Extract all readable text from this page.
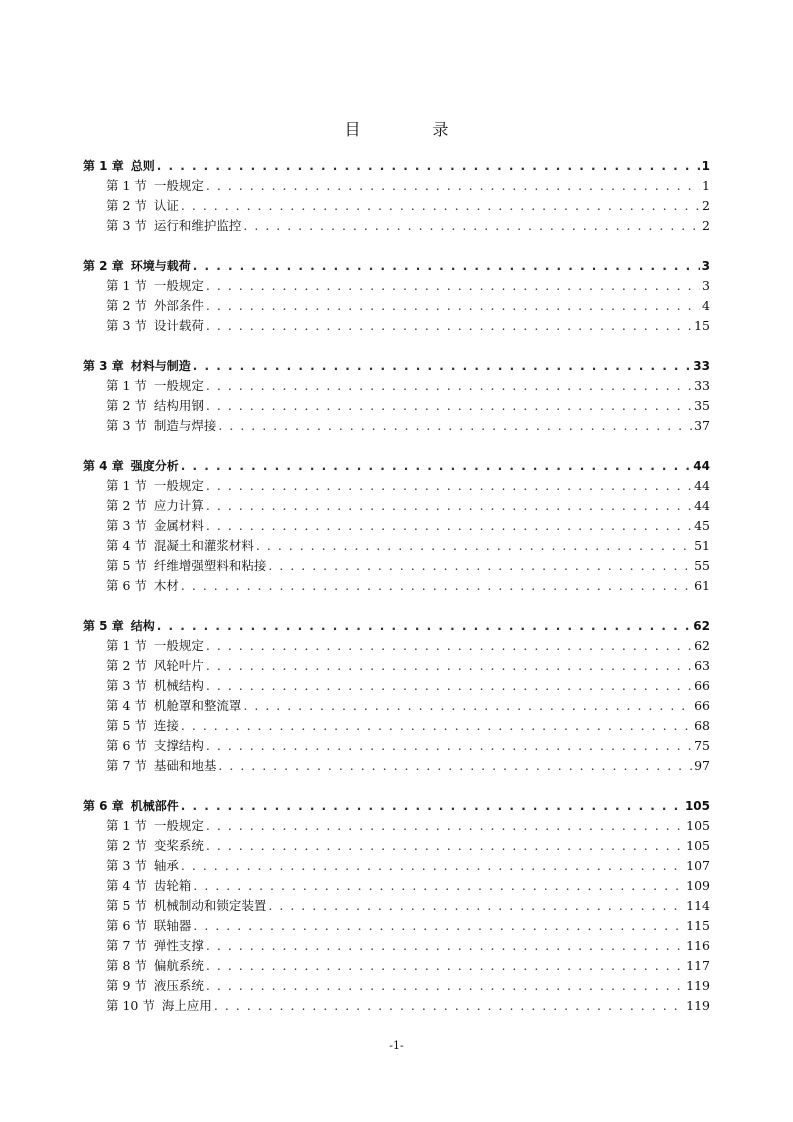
目　录
第 1 章 总则 . . .	1
第 1 节 一般规定 . . .	1
第 2 节 认证 . . .	2
第 3 节 运行和维护监控 . . .	2
第 2 章 环境与载荷 . . .	3
第 1 节 一般规定 . . .	3
第 2 节 外部条件 . . .	4
第 3 节 设计载荷 . . .	15
第 3 章 材料与制造 . . .	33
第 1 节 一般规定 . . .	33
第 2 节 结构用钢 . . .	35
第 3 节 制造与焊接 . . .	37
第 4 章 强度分析 . . .	44
第 1 节 一般规定 . . .	44
第 2 节 应力计算 . . .	44
第 3 节 金属材料 . . .	45
第 4 节 混凝土和灌浆材料 . . .	51
第 5 节 纤维增强塑料和粘接 . . .	55
第 6 节 木材 . . .	61
第 5 章 结构 . . .	62
第 1 节 一般规定 . . .	62
第 2 节 风轮叶片 . . .	63
第 3 节 机械结构 . . .	66
第 4 节 机舱罩和整流罩 . . .	66
第 5 节 连接 . . .	68
第 6 节 支撑结构 . . .	75
第 7 节 基础和地基 . . .	97
第 6 章 机械部件 . . .	105
第 1 节 一般规定 . . .	105
第 2 节 变桨系统 . . .	105
第 3 节 轴承 . . .	107
第 4 节 齿轮箱 . . .	109
第 5 节 机械制动和锁定装置 . . .	114
第 6 节 联轴器 . . .	115
第 7 节 弹性支撑 . . .	116
第 8 节 偏航系统 . . .	117
第 9 节 液压系统 . . .	119
第 10 节 海上应用 . . .	119
-1-
